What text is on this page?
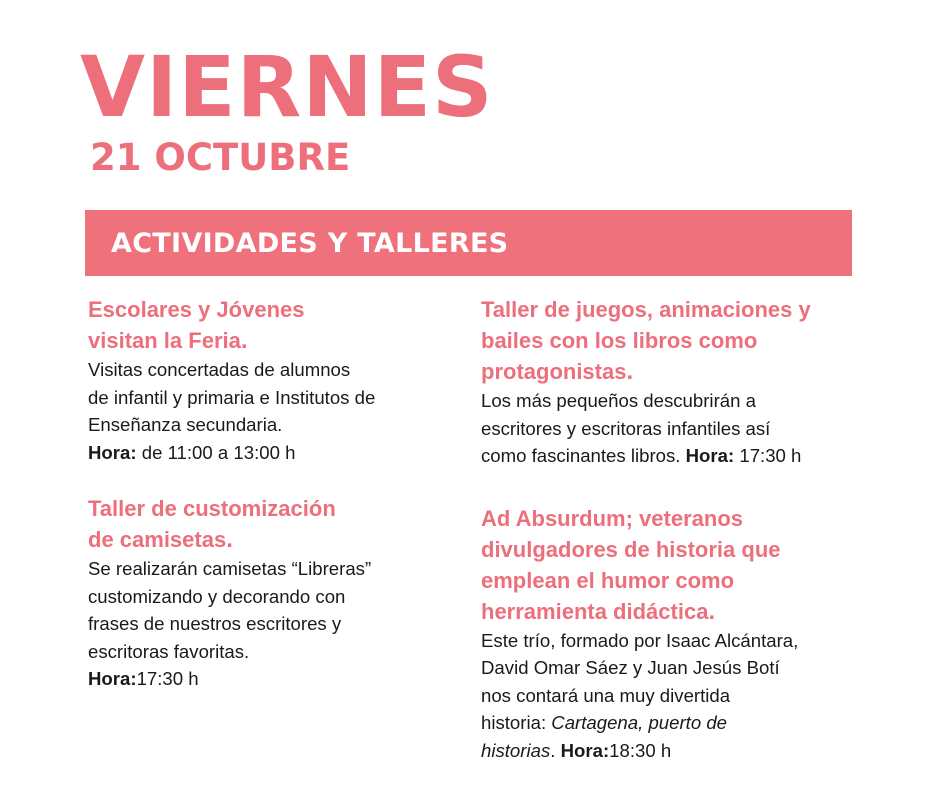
VIERNES
21 OCTUBRE
ACTIVIDADES Y TALLERES

Escolares y Jóvenes
visitan la Feria.

Visitas concertadas de alumnos
de infantil y primaria e Institutos de
Enseñanza secundaria.
Hora: de 11:00 a 13:00 h

Taller de customización
de camisetas.

Se realizarán camisetas “Libreras”
customizando y decorando con
frases de nuestros escritores y
escritoras favoritas.
Hora:17:30 h

Taller de juegos, animaciones y
bailes con los libros como
protagonistas.

Los más pequeños descubrirán a
escritores y escritoras infantiles así
como fascinantes libros. Hora: 17:30 h

Ad Absurdum; veteranos
divulgadores de historia que
emplean el humor como
herramienta didáctica.

Este trío, formado por Isaac Alcántara,
David Omar Sáez y Juan Jesús Botí
nos contará una muy divertida
historia: Cartagena, puerto de
historias. Hora:18:30 h
